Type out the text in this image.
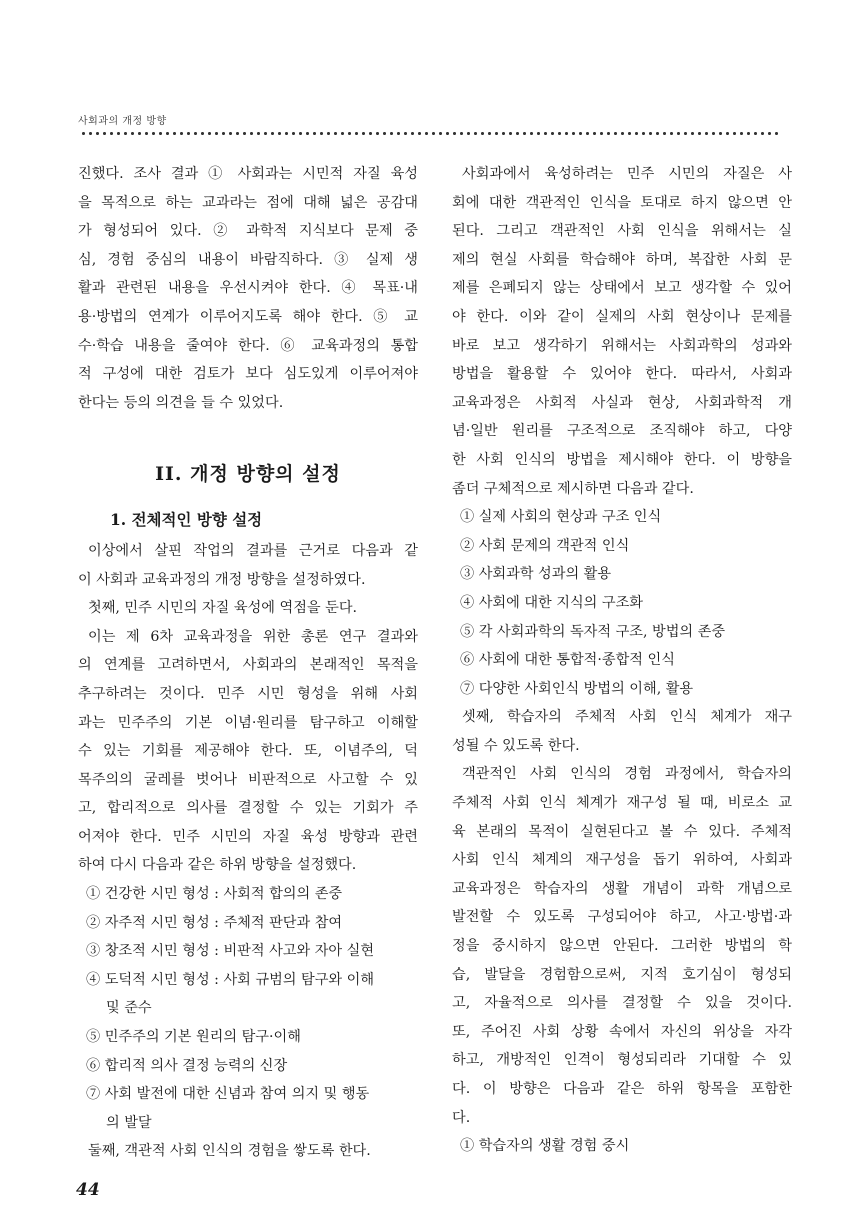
사회과의 개정 방향
진했다. 조사 결과 ① 사회과는 시민적 자질 육성
을 목적으로 하는 교과라는 점에 대해 넓은 공감대
가 형성되어 있다. ② 과학적 지식보다 문제 중
심, 경험 중심의 내용이 바람직하다. ③ 실제 생
활과 관련된 내용을 우선시켜야 한다. ④ 목표·내
용·방법의 연계가 이루어지도록 해야 한다. ⑤ 교
수·학습 내용을 줄여야 한다. ⑥ 교육과정의 통합
적 구성에 대한 검토가 보다 심도있게 이루어져야
한다는 등의 의견을 들 수 있었다.
II. 개정 방향의 설정
1. 전체적인 방향 설정
이상에서 살핀 작업의 결과를 근거로 다음과 같
이 사회과 교육과정의 개정 방향을 설정하였다.
첫째, 민주 시민의 자질 육성에 역점을 둔다.
이는 제 6차 교육과정을 위한 총론 연구 결과와
의 연계를 고려하면서, 사회과의 본래적인 목적을
추구하려는 것이다. 민주 시민 형성을 위해 사회
과는 민주주의 기본 이념·원리를 탐구하고 이해할
수 있는 기회를 제공해야 한다. 또, 이념주의, 덕
목주의의 굴레를 벗어나 비판적으로 사고할 수 있
고, 합리적으로 의사를 결정할 수 있는 기회가 주
어져야 한다. 민주 시민의 자질 육성 방향과 관련
하여 다시 다음과 같은 하위 방향을 설정했다.
① 건강한 시민 형성 : 사회적 합의의 존중
② 자주적 시민 형성 : 주체적 판단과 참여
③ 창조적 시민 형성 : 비판적 사고와 자아 실현
④ 도덕적 시민 형성 : 사회 규범의 탐구와 이해
및 준수
⑤ 민주주의 기본 원리의 탐구·이해
⑥ 합리적 의사 결정 능력의 신장
⑦ 사회 발전에 대한 신념과 참여 의지 및 행동
의 발달
둘째, 객관적 사회 인식의 경험을 쌓도록 한다.
사회과에서 육성하려는 민주 시민의 자질은 사
회에 대한 객관적인 인식을 토대로 하지 않으면 안
된다. 그리고 객관적인 사회 인식을 위해서는 실
제의 현실 사회를 학습해야 하며, 복잡한 사회 문
제를 은폐되지 않는 상태에서 보고 생각할 수 있어
야 한다. 이와 같이 실제의 사회 현상이나 문제를
바로 보고 생각하기 위해서는 사회과학의 성과와
방법을 활용할 수 있어야 한다. 따라서, 사회과
교육과정은 사회적 사실과 현상, 사회과학적 개
념·일반 원리를 구조적으로 조직해야 하고, 다양
한 사회 인식의 방법을 제시해야 한다. 이 방향을
좀더 구체적으로 제시하면 다음과 같다.
① 실제 사회의 현상과 구조 인식
② 사회 문제의 객관적 인식
③ 사회과학 성과의 활용
④ 사회에 대한 지식의 구조화
⑤ 각 사회과학의 독자적 구조, 방법의 존중
⑥ 사회에 대한 통합적·종합적 인식
⑦ 다양한 사회인식 방법의 이해, 활용
셋째, 학습자의 주체적 사회 인식 체계가 재구
성될 수 있도록 한다.
객관적인 사회 인식의 경험 과정에서, 학습자의
주체적 사회 인식 체계가 재구성 될 때, 비로소 교
육 본래의 목적이 실현된다고 볼 수 있다. 주체적
사회 인식 체계의 재구성을 돕기 위하여, 사회과
교육과정은 학습자의 생활 개념이 과학 개념으로
발전할 수 있도록 구성되어야 하고, 사고·방법·과
정을 중시하지 않으면 안된다. 그러한 방법의 학
습, 발달을 경험함으로써, 지적 호기심이 형성되
고, 자율적으로 의사를 결정할 수 있을 것이다.
또, 주어진 사회 상황 속에서 자신의 위상을 자각
하고, 개방적인 인격이 형성되리라 기대할 수 있
다. 이 방향은 다음과 같은 하위 항목을 포함한
다.
① 학습자의 생활 경험 중시
44
